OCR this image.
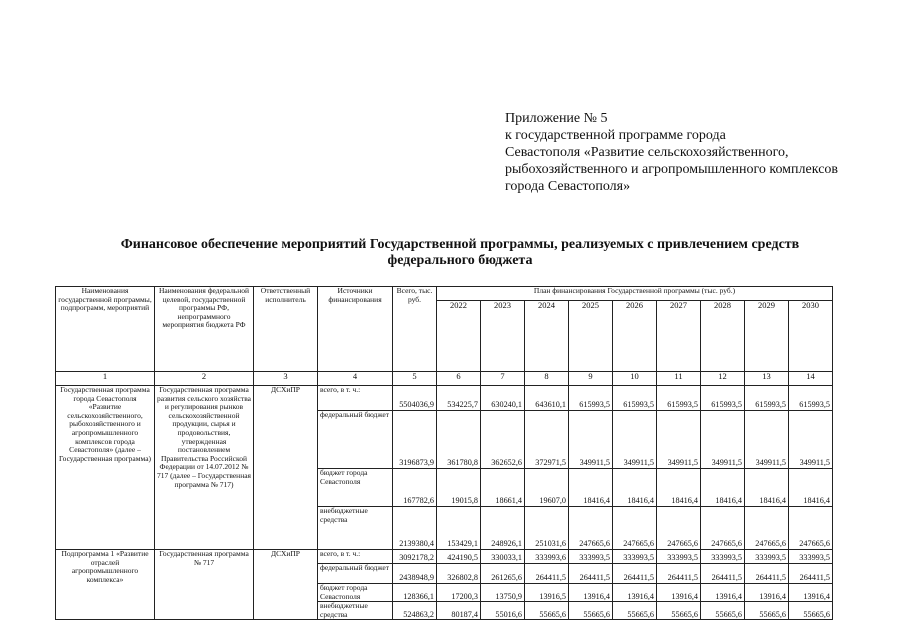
Приложение № 5
к государственной программе города
Севастополя «Развитие сельскохозяйственного,
рыбохозяйственного и агропромышленного комплексов
города Севастополя»
Финансовое обеспечение мероприятий Государственной программы, реализуемых с привлечением средств
федерального бюджета
Наименования государственной программы, подпрограмм, мероприятий	Наименования федеральной целевой, государственной программы РФ, непрограммного мероприятия бюджета РФ	Ответственный исполнитель	Источники финансирования	Всего, тыс. руб.	План финансирования Государственной программы (тыс. руб.)								
					2022	2023	2024	2025	2026	2027	2028	2029	2030
1	2	3	4	5	6	7	8	9	10	11	12	13	14
Государственная программа города Севастополя «Развитие сельскохозяйственного, рыбохозяйственного и агропромышленного комплексов города Севастополя» (далее – Государственная программа)	Государственная программа развития сельского хозяйства и регулирования рынков сельскохозяйственной продукции, сырья и продовольствия, утвержденная постановлением Правительства Российской Федерации от 14.07.2012 № 717 (далее – Государственная программа № 717)	ДСХиПР	всего, в т. ч.:	5504036,9	534225,7	630240,1	643610,1	615993,5	615993,5	615993,5	615993,5	615993,5	615993,5
			федеральный бюджет	3196873,9	361780,8	362652,6	372971,5	349911,5	349911,5	349911,5	349911,5	349911,5	349911,5
			бюджет города Севастополя	167782,6	19015,8	18661,4	19607,0	18416,4	18416,4	18416,4	18416,4	18416,4	18416,4
			внебюджетные средства	2139380,4	153429,1	248926,1	251031,6	247665,6	247665,6	247665,6	247665,6	247665,6	247665,6
Подпрограмма 1 «Развитие отраслей агропромышленного комплекса»	Государственная программа № 717	ДСХиПР	всего, в т. ч.:	3092178,2	424190,5	330033,1	333993,6	333993,5	333993,5	333993,5	333993,5	333993,5	333993,5
			федеральный бюджет	2438948,9	326802,8	261265,6	264411,5	264411,5	264411,5	264411,5	264411,5	264411,5	264411,5
			бюджет города Севастополя	128366,1	17200,3	13750,9	13916,5	13916,4	13916,4	13916,4	13916,4	13916,4	13916,4
			внебюджетные средства	524863,2	80187,4	55016,6	55665,6	55665,6	55665,6	55665,6	55665,6	55665,6	55665,6
